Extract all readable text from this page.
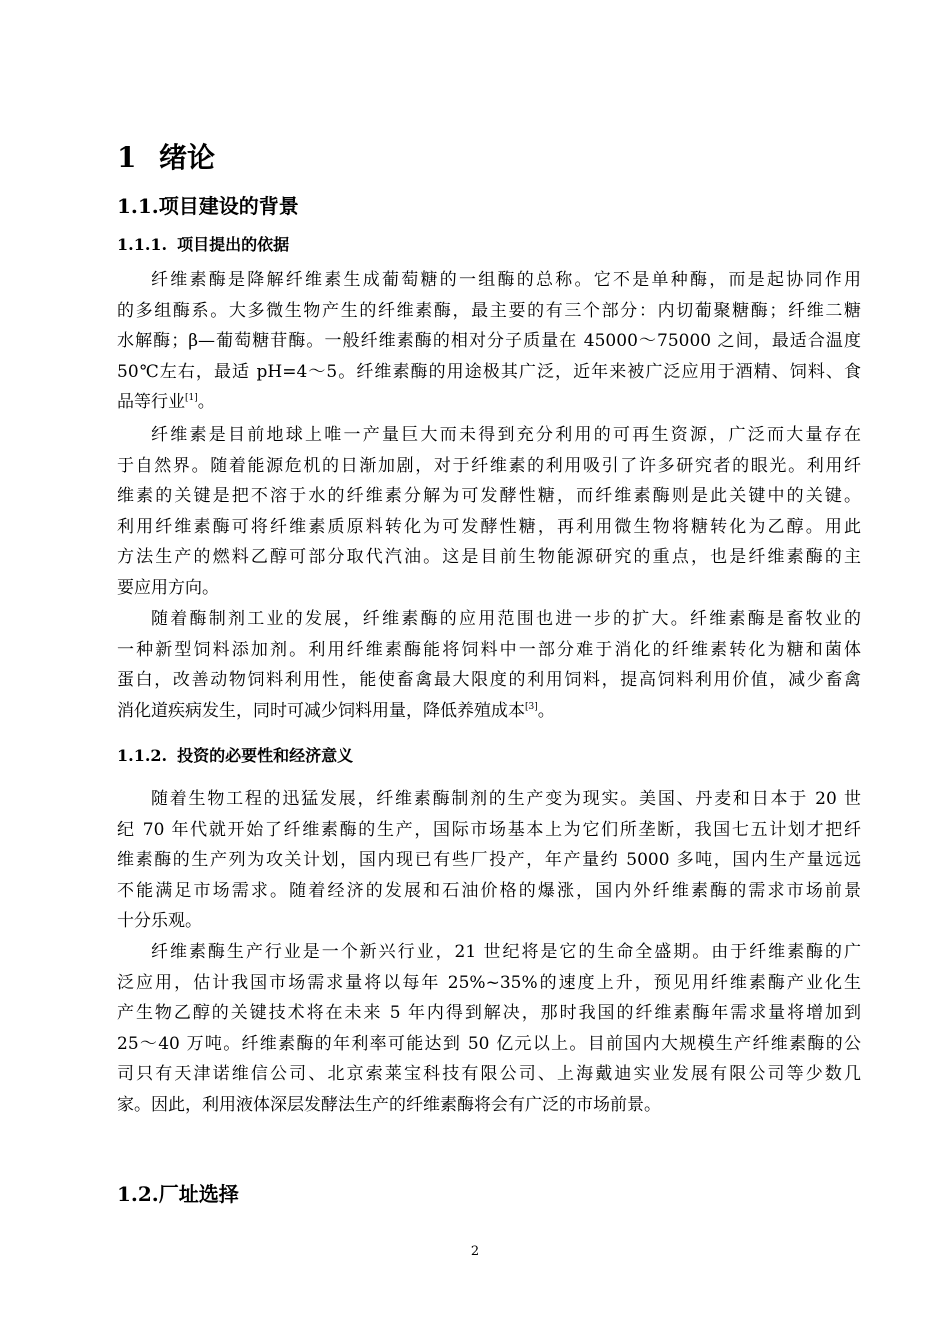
1 绪论
1.1.项目建设的背景
1.1.1. 项目提出的依据
纤维素酶是降解纤维素生成葡萄糖的一组酶的总称。它不是单种酶，而是起协同作用
的多组酶系。大多微生物产生的纤维素酶，最主要的有三个部分：内切葡聚糖酶；纤维二糖
水解酶；β—葡萄糖苷酶。一般纤维素酶的相对分子质量在 45000～75000 之间，最适合温度
50℃左右，最适 pH=4～5。纤维素酶的用途极其广泛，近年来被广泛应用于酒精、饲料、食
品等行业[1]。
纤维素是目前地球上唯一产量巨大而未得到充分利用的可再生资源，广泛而大量存在
于自然界。随着能源危机的日渐加剧，对于纤维素的利用吸引了许多研究者的眼光。利用纤
维素的关键是把不溶于水的纤维素分解为可发酵性糖，而纤维素酶则是此关键中的关键。
利用纤维素酶可将纤维素质原料转化为可发酵性糖，再利用微生物将糖转化为乙醇。用此
方法生产的燃料乙醇可部分取代汽油。这是目前生物能源研究的重点，也是纤维素酶的主
要应用方向。
随着酶制剂工业的发展，纤维素酶的应用范围也进一步的扩大。纤维素酶是畜牧业的
一种新型饲料添加剂。利用纤维素酶能将饲料中一部分难于消化的纤维素转化为糖和菌体
蛋白，改善动物饲料利用性，能使畜禽最大限度的利用饲料，提高饲料利用价值，减少畜禽
消化道疾病发生，同时可减少饲料用量，降低养殖成本[3]。
1.1.2. 投资的必要性和经济意义
随着生物工程的迅猛发展，纤维素酶制剂的生产变为现实。美国、丹麦和日本于 20 世
纪 70 年代就开始了纤维素酶的生产，国际市场基本上为它们所垄断，我国七五计划才把纤
维素酶的生产列为攻关计划，国内现已有些厂投产，年产量约 5000 多吨，国内生产量远远
不能满足市场需求。随着经济的发展和石油价格的爆涨，国内外纤维素酶的需求市场前景
十分乐观。
纤维素酶生产行业是一个新兴行业，21 世纪将是它的生命全盛期。由于纤维素酶的广
泛应用，估计我国市场需求量将以每年 25%~35%的速度上升，预见用纤维素酶产业化生
产生物乙醇的关键技术将在未来 5 年内得到解决，那时我国的纤维素酶年需求量将增加到
25～40 万吨。纤维素酶的年利率可能达到 50 亿元以上。目前国内大规模生产纤维素酶的公
司只有天津诺维信公司、北京索莱宝科技有限公司、上海戴迪实业发展有限公司等少数几
家。因此，利用液体深层发酵法生产的纤维素酶将会有广泛的市场前景。
1.2.厂址选择
2
